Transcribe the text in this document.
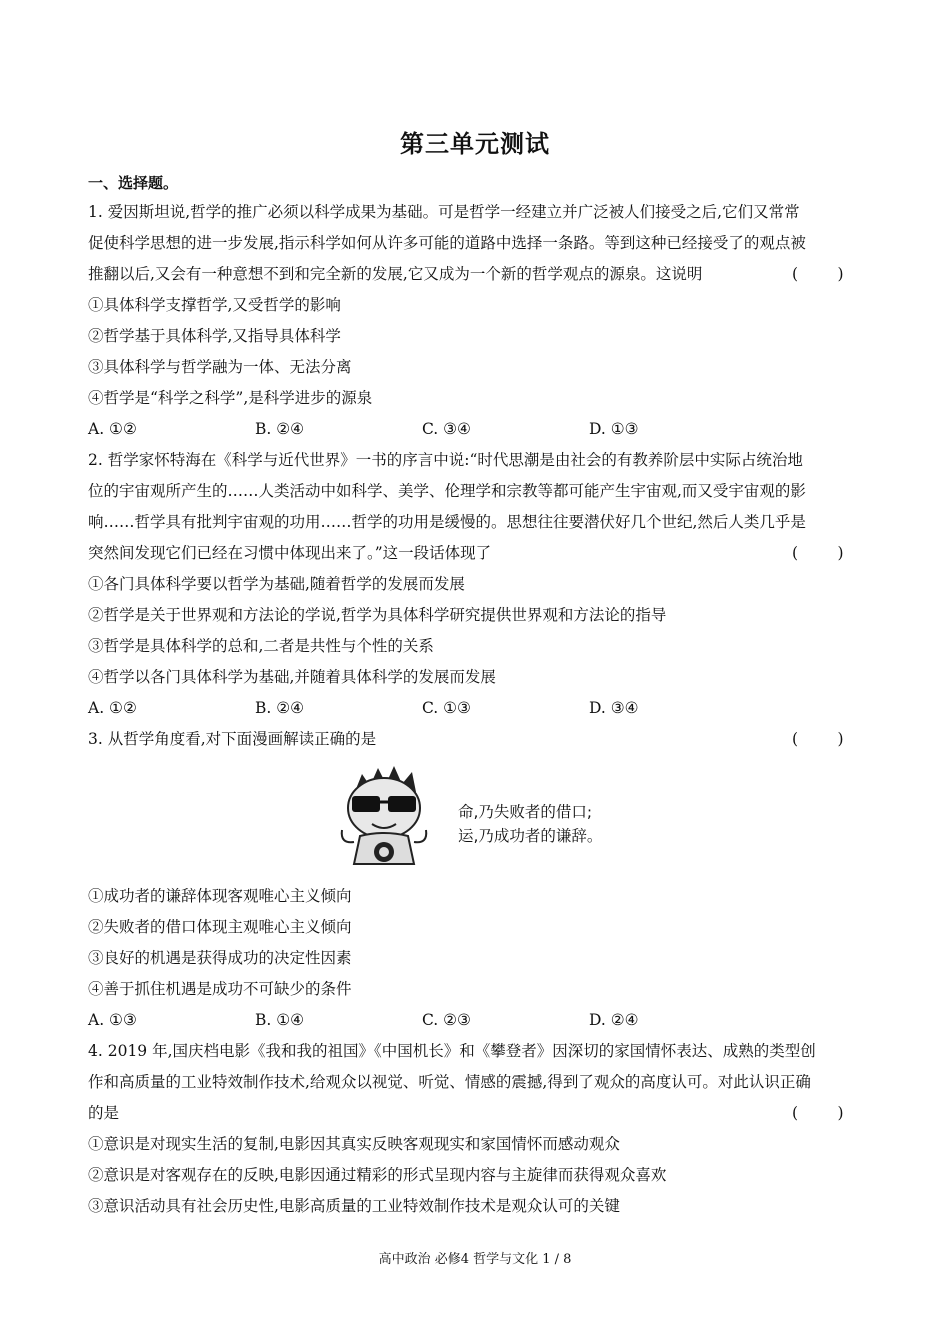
第三单元测试
一、选择题。
1. 爱因斯坦说,哲学的推广必须以科学成果为基础。可是哲学一经建立并广泛被人们接受之后,它们又常常
促使科学思想的进一步发展,指示科学如何从许多可能的道路中选择一条路。等到这种已经接受了的观点被
推翻以后,又会有一种意想不到和完全新的发展,它又成为一个新的哲学观点的源泉。这说明	(        )
①具体科学支撑哲学,又受哲学的影响
②哲学基于具体科学,又指导具体科学
③具体科学与哲学融为一体、无法分离
④哲学是“科学之科学”,是科学进步的源泉
A. ①②	B. ②④	C. ③④	D. ①③
2. 哲学家怀特海在《科学与近代世界》一书的序言中说:“时代思潮是由社会的有教养阶层中实际占统治地
位的宇宙观所产生的……人类活动中如科学、美学、伦理学和宗教等都可能产生宇宙观,而又受宇宙观的影
响……哲学具有批判宇宙观的功用……哲学的功用是缓慢的。思想往往要潜伏好几个世纪,然后人类几乎是
突然间发现它们已经在习惯中体现出来了。”这一段话体现了	(        )
①各门具体科学要以哲学为基础,随着哲学的发展而发展
②哲学是关于世界观和方法论的学说,哲学为具体科学研究提供世界观和方法论的指导
③哲学是具体科学的总和,二者是共性与个性的关系
④哲学以各门具体科学为基础,并随着具体科学的发展而发展
A. ①②	B. ②④	C. ①③	D. ③④
3. 从哲学角度看,对下面漫画解读正确的是	(        )
命,乃失败者的借口;
运,乃成功者的谦辞。
①成功者的谦辞体现客观唯心主义倾向
②失败者的借口体现主观唯心主义倾向
③良好的机遇是获得成功的决定性因素
④善于抓住机遇是成功不可缺少的条件
A. ①③	B. ①④	C. ②③	D. ②④
4. 2019 年,国庆档电影《我和我的祖国》《中国机长》和《攀登者》因深切的家国情怀表达、成熟的类型创
作和高质量的工业特效制作技术,给观众以视觉、听觉、情感的震撼,得到了观众的高度认可。对此认识正确
的是	(        )
①意识是对现实生活的复制,电影因其真实反映客观现实和家国情怀而感动观众
②意识是对客观存在的反映,电影因通过精彩的形式呈现内容与主旋律而获得观众喜欢
③意识活动具有社会历史性,电影高质量的工业特效制作技术是观众认可的关键
高中政治 必修4 哲学与文化 1 / 8
